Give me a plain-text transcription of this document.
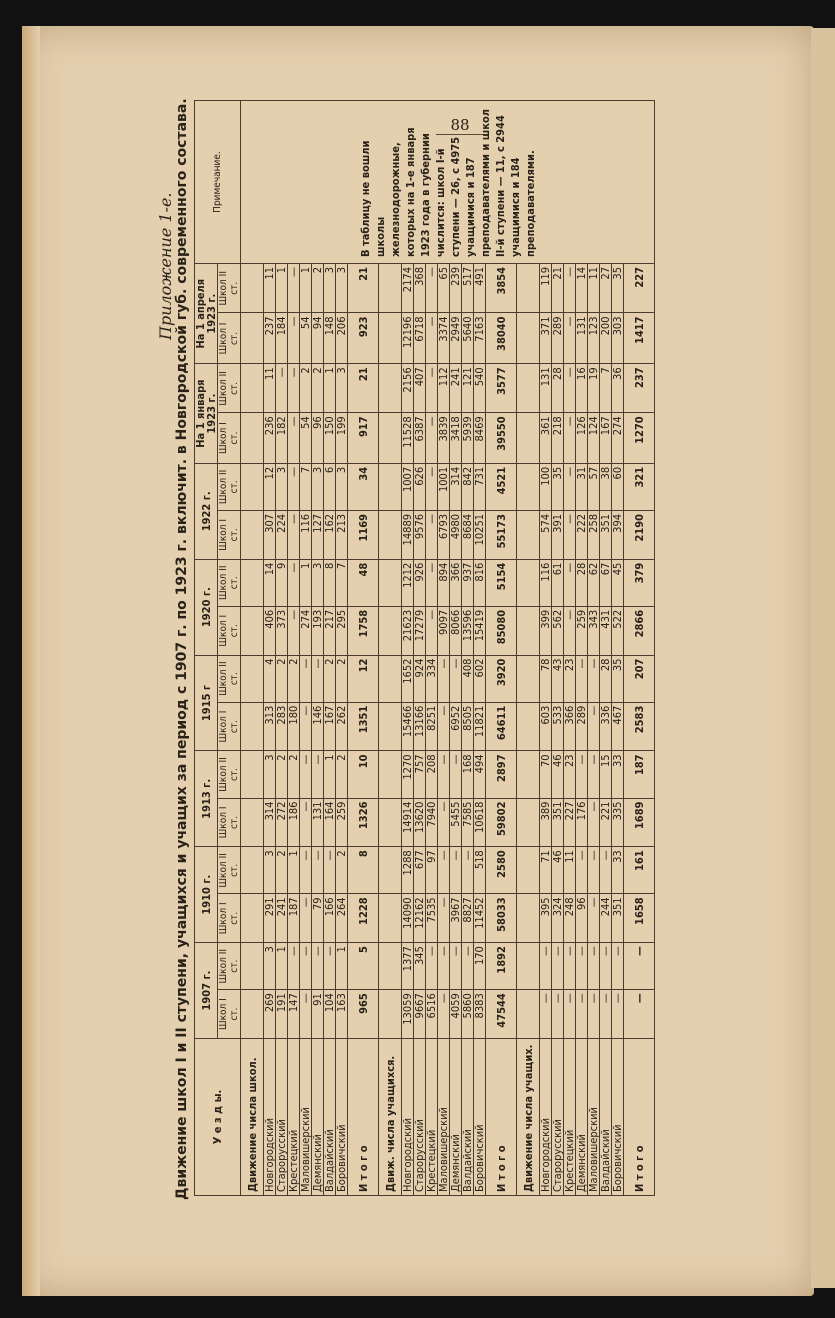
88
Приложение 1-е. Движение школ I и II ступени, учащихся и учащих за период с 1907 г. по 1923 г. включит. в Новгородской губ. современного состава. У е з д ы.	1907 г.		1910 г.		1913 г.		1915 г		1920 г.		1922 г.		На 1 января 1923 г.		На 1 апреля 1923 г.		Примечание.
	Школ I ст.	Школ II ст.	Школ I ст.	Школ II ст.	Школ I ст.	Школ II ст.	Школ I ст.	Школ II ст.	Школ I ст.	Школ II ст.	Школ I ст.	Школ II ст.	Школ I ст.	Школ II ст.	Школ I ст.	Школ II ст.	
Движение числа школ.																	В таблицу не вошли школы железнодорожные, которых на 1-е января 1923 года в губернии числится: школ I-й ступени — 26, с 4975 учащимися и 187 преподавателями и школ II-й ступени — 11, с 2944 учащимися и 184 преподавателями.
Новгородский	269	3	291	3	314	3	313	4	406	14	307	12	236	11	237	11	
Старорусский	191	1	241	2	272	2	283	2	373	9	224	3	182	—	184	1	
Крестецкий	147	—	187	1	186	2	180	2	—	—	—	—	—	—	—	—	
Маловишерский	—	—	—	—	—	—	—	—	274	1	116	7	54	2	54	1	
Демянский	91	—	79	—	131	—	146	—	193	3	127	3	96	2	94	2	
Валдайский	104	—	166	—	164	1	167	2	217	8	162	6	150	1	148	3	
Боровичский	163	1	264	2	259	2	262	2	295	7	213	3	199	3	206	3	
И т о г о	965	5	1228	8	1326	10	1351	12	1758	48	1169	34	917	21	923	21	
Движ. числа учащихся.																	
Новгородский	13059	1377	14090	1288	14914	1270	15466	1652	21623	1212	14889	1007	11528	2156	12196	2174	
Старорусский	9667	345	12162	677	13620	757	13166	924	17279	926	9576	626	6387	407	6718	368	
Крестецкий	6516	—	7535	97	7940	208	8251	334	—	—	—	—	—	—	—	—	
Маловишерский	—	—	—	—	—	—	—	—	9097	894	6793	1001	3839	112	3374	65	
Демянский	4059	—	3967	—	5455	—	6952	—	8066	366	4980	314	3418	241	2949	239	
Валдайский	5860	—	8827	—	7585	168	8505	408	13596	937	8684	842	5939	121	5640	517	
Боровичский	8383	170	11452	518	10618	494	11821	602	15419	816	10251	731	8469	540	7163	491	
И т о г о	47544	1892	58033	2580	59802	2897	64611	3920	85080	5154	55173	4521	39550	3577	38040	3854	
Движение числа учащих.																	
Новгородский	—	—	395	71	389	70	603	78	399	116	574	100	361	131	371	119	
Старорусский	—	—	324	46	351	46	533	43	562	61	391	35	218	28	289	21	
Крестецкий	—	—	248	11	227	23	366	23	—	—	—	—	—	—	—	—	
Демянский	—	—	96	—	176	—	289	—	259	28	222	31	126	16	131	14	
Маловишерский	—	—	—	—	—	—	—	—	343	62	258	57	124	19	123	11	
Валдайский	—	—	244	—	221	15	336	28	431	67	351	38	167	7	200	27	
Боровичский	—	—	351	33	335	33	467	35	522	45	394	60	274	36	303	35	
И т о г о	—	—	1658	161	1689	187	2583	207	2866	379	2190	321	1270	237	1417	227	
